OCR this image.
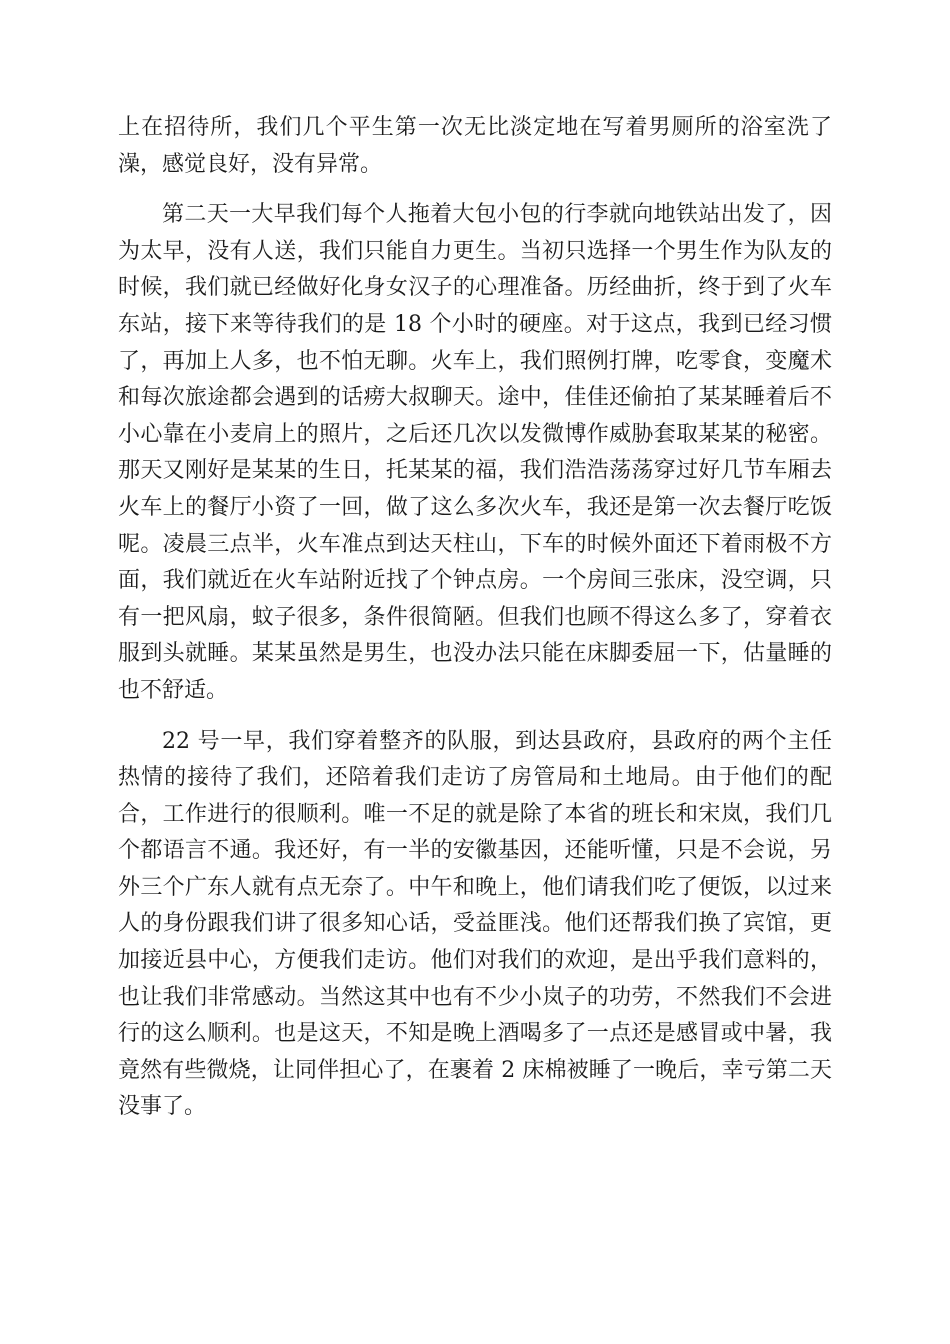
上在招待所，我们几个平生第一次无比淡定地在写着男厕所的浴室洗了澡，感觉良好，没有异常。

第二天一大早我们每个人拖着大包小包的行李就向地铁站出发了，因为太早，没有人送，我们只能自力更生。当初只选择一个男生作为队友的时候，我们就已经做好化身女汉子的心理准备。历经曲折，终于到了火车东站，接下来等待我们的是 18 个小时的硬座。对于这点，我到已经习惯了，再加上人多，也不怕无聊。火车上，我们照例打牌，吃零食，变魔术和每次旅途都会遇到的话痨大叔聊天。途中，佳佳还偷拍了某某睡着后不小心靠在小麦肩上的照片，之后还几次以发微博作威胁套取某某的秘密。那天又刚好是某某的生日，托某某的福，我们浩浩荡荡穿过好几节车厢去火车上的餐厅小资了一回，做了这么多次火车，我还是第一次去餐厅吃饭呢。凌晨三点半，火车准点到达天柱山，下车的时候外面还下着雨极不方面，我们就近在火车站附近找了个钟点房。一个房间三张床，没空调，只有一把风扇，蚊子很多，条件很简陋。但我们也顾不得这么多了，穿着衣服到头就睡。某某虽然是男生，也没办法只能在床脚委屈一下，估量睡的也不舒适。

22 号一早，我们穿着整齐的队服，到达县政府，县政府的两个主任热情的接待了我们，还陪着我们走访了房管局和土地局。由于他们的配合，工作进行的很顺利。唯一不足的就是除了本省的班长和宋岚，我们几个都语言不通。我还好，有一半的安徽基因，还能听懂，只是不会说，另外三个广东人就有点无奈了。中午和晚上，他们请我们吃了便饭，以过来人的身份跟我们讲了很多知心话，受益匪浅。他们还帮我们换了宾馆，更加接近县中心，方便我们走访。他们对我们的欢迎，是出乎我们意料的，也让我们非常感动。当然这其中也有不少小岚子的功劳，不然我们不会进行的这么顺利。也是这天，不知是晚上酒喝多了一点还是感冒或中暑，我竟然有些微烧，让同伴担心了，在裹着 2 床棉被睡了一晚后，幸亏第二天没事了。
